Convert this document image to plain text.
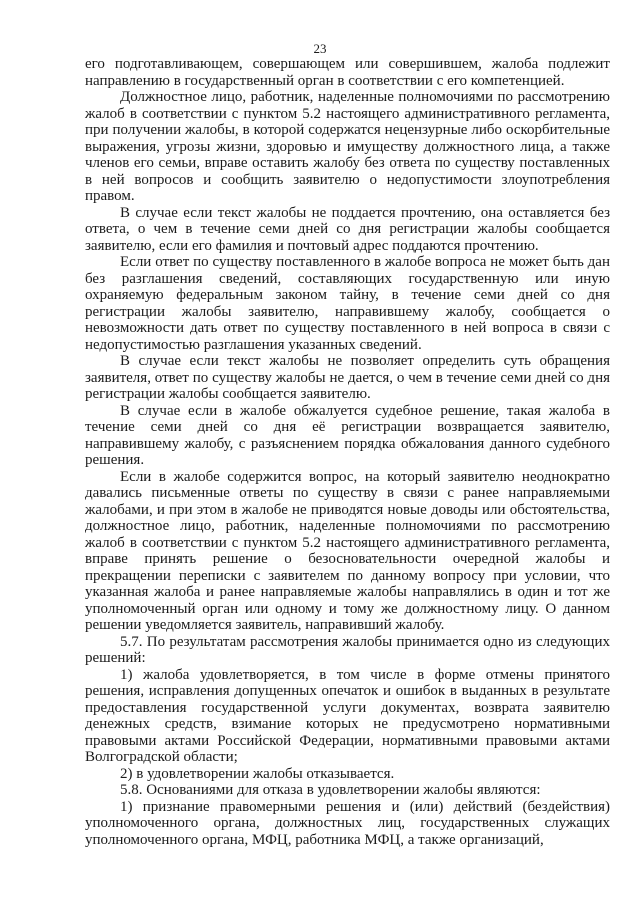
23

его подготавливающем, совершающем или совершившем, жалоба подлежит направлению в государственный орган в соответствии с его компетенцией.

Должностное лицо, работник, наделенные полномочиями по рассмотрению жалоб в соответствии с пунктом 5.2 настоящего административного регламента, при получении жалобы, в которой содержатся нецензурные либо оскорбительные выражения, угрозы жизни, здоровью и имуществу должностного лица, а также членов его семьи, вправе оставить жалобу без ответа по существу поставленных в ней вопросов и сообщить заявителю о недопустимости злоупотребления правом.

В случае если текст жалобы не поддается прочтению, она оставляется без ответа, о чем в течение семи дней со дня регистрации жалобы сообщается заявителю, если его фамилия и почтовый адрес поддаются прочтению.

Если ответ по существу поставленного в жалобе вопроса не может быть дан без разглашения сведений, составляющих государственную или иную охраняемую федеральным законом тайну, в течение семи дней со дня регистрации жалобы заявителю, направившему жалобу, сообщается о невозможности дать ответ по существу поставленного в ней вопроса в связи с недопустимостью разглашения указанных сведений.

В случае если текст жалобы не позволяет определить суть обращения заявителя, ответ по существу жалобы не дается, о чем в течение семи дней со дня регистрации жалобы сообщается заявителю.

В случае если в жалобе обжалуется судебное решение, такая жалоба в течение семи дней со дня её регистрации возвращается заявителю, направившему жалобу, с разъяснением порядка обжалования данного судебного решения.

Если в жалобе содержится вопрос, на который заявителю неоднократно давались письменные ответы по существу в связи с ранее направляемыми жалобами, и при этом в жалобе не приводятся новые доводы или обстоятельства, должностное лицо, работник, наделенные полномочиями по рассмотрению жалоб в соответствии с пунктом 5.2 настоящего административного регламента, вправе принять решение о безосновательности очередной жалобы и прекращении переписки с заявителем по данному вопросу при условии, что указанная жалоба и ранее направляемые жалобы направлялись в один и тот же уполномоченный орган или одному и тому же должностному лицу. О данном решении уведомляется заявитель, направивший жалобу.

5.7. По результатам рассмотрения жалобы принимается одно из следующих решений:

1) жалоба удовлетворяется, в том числе в форме отмены принятого решения, исправления допущенных опечаток и ошибок в выданных в результате предоставления государственной услуги документах, возврата заявителю денежных средств, взимание которых не предусмотрено нормативными правовыми актами Российской Федерации, нормативными правовыми актами Волгоградской области;

2) в удовлетворении жалобы отказывается.

5.8. Основаниями для отказа в удовлетворении жалобы являются:

1) признание правомерными решения и (или) действий (бездействия) уполномоченного органа, должностных лиц, государственных служащих уполномоченного органа, МФЦ, работника МФЦ, а также организаций,
